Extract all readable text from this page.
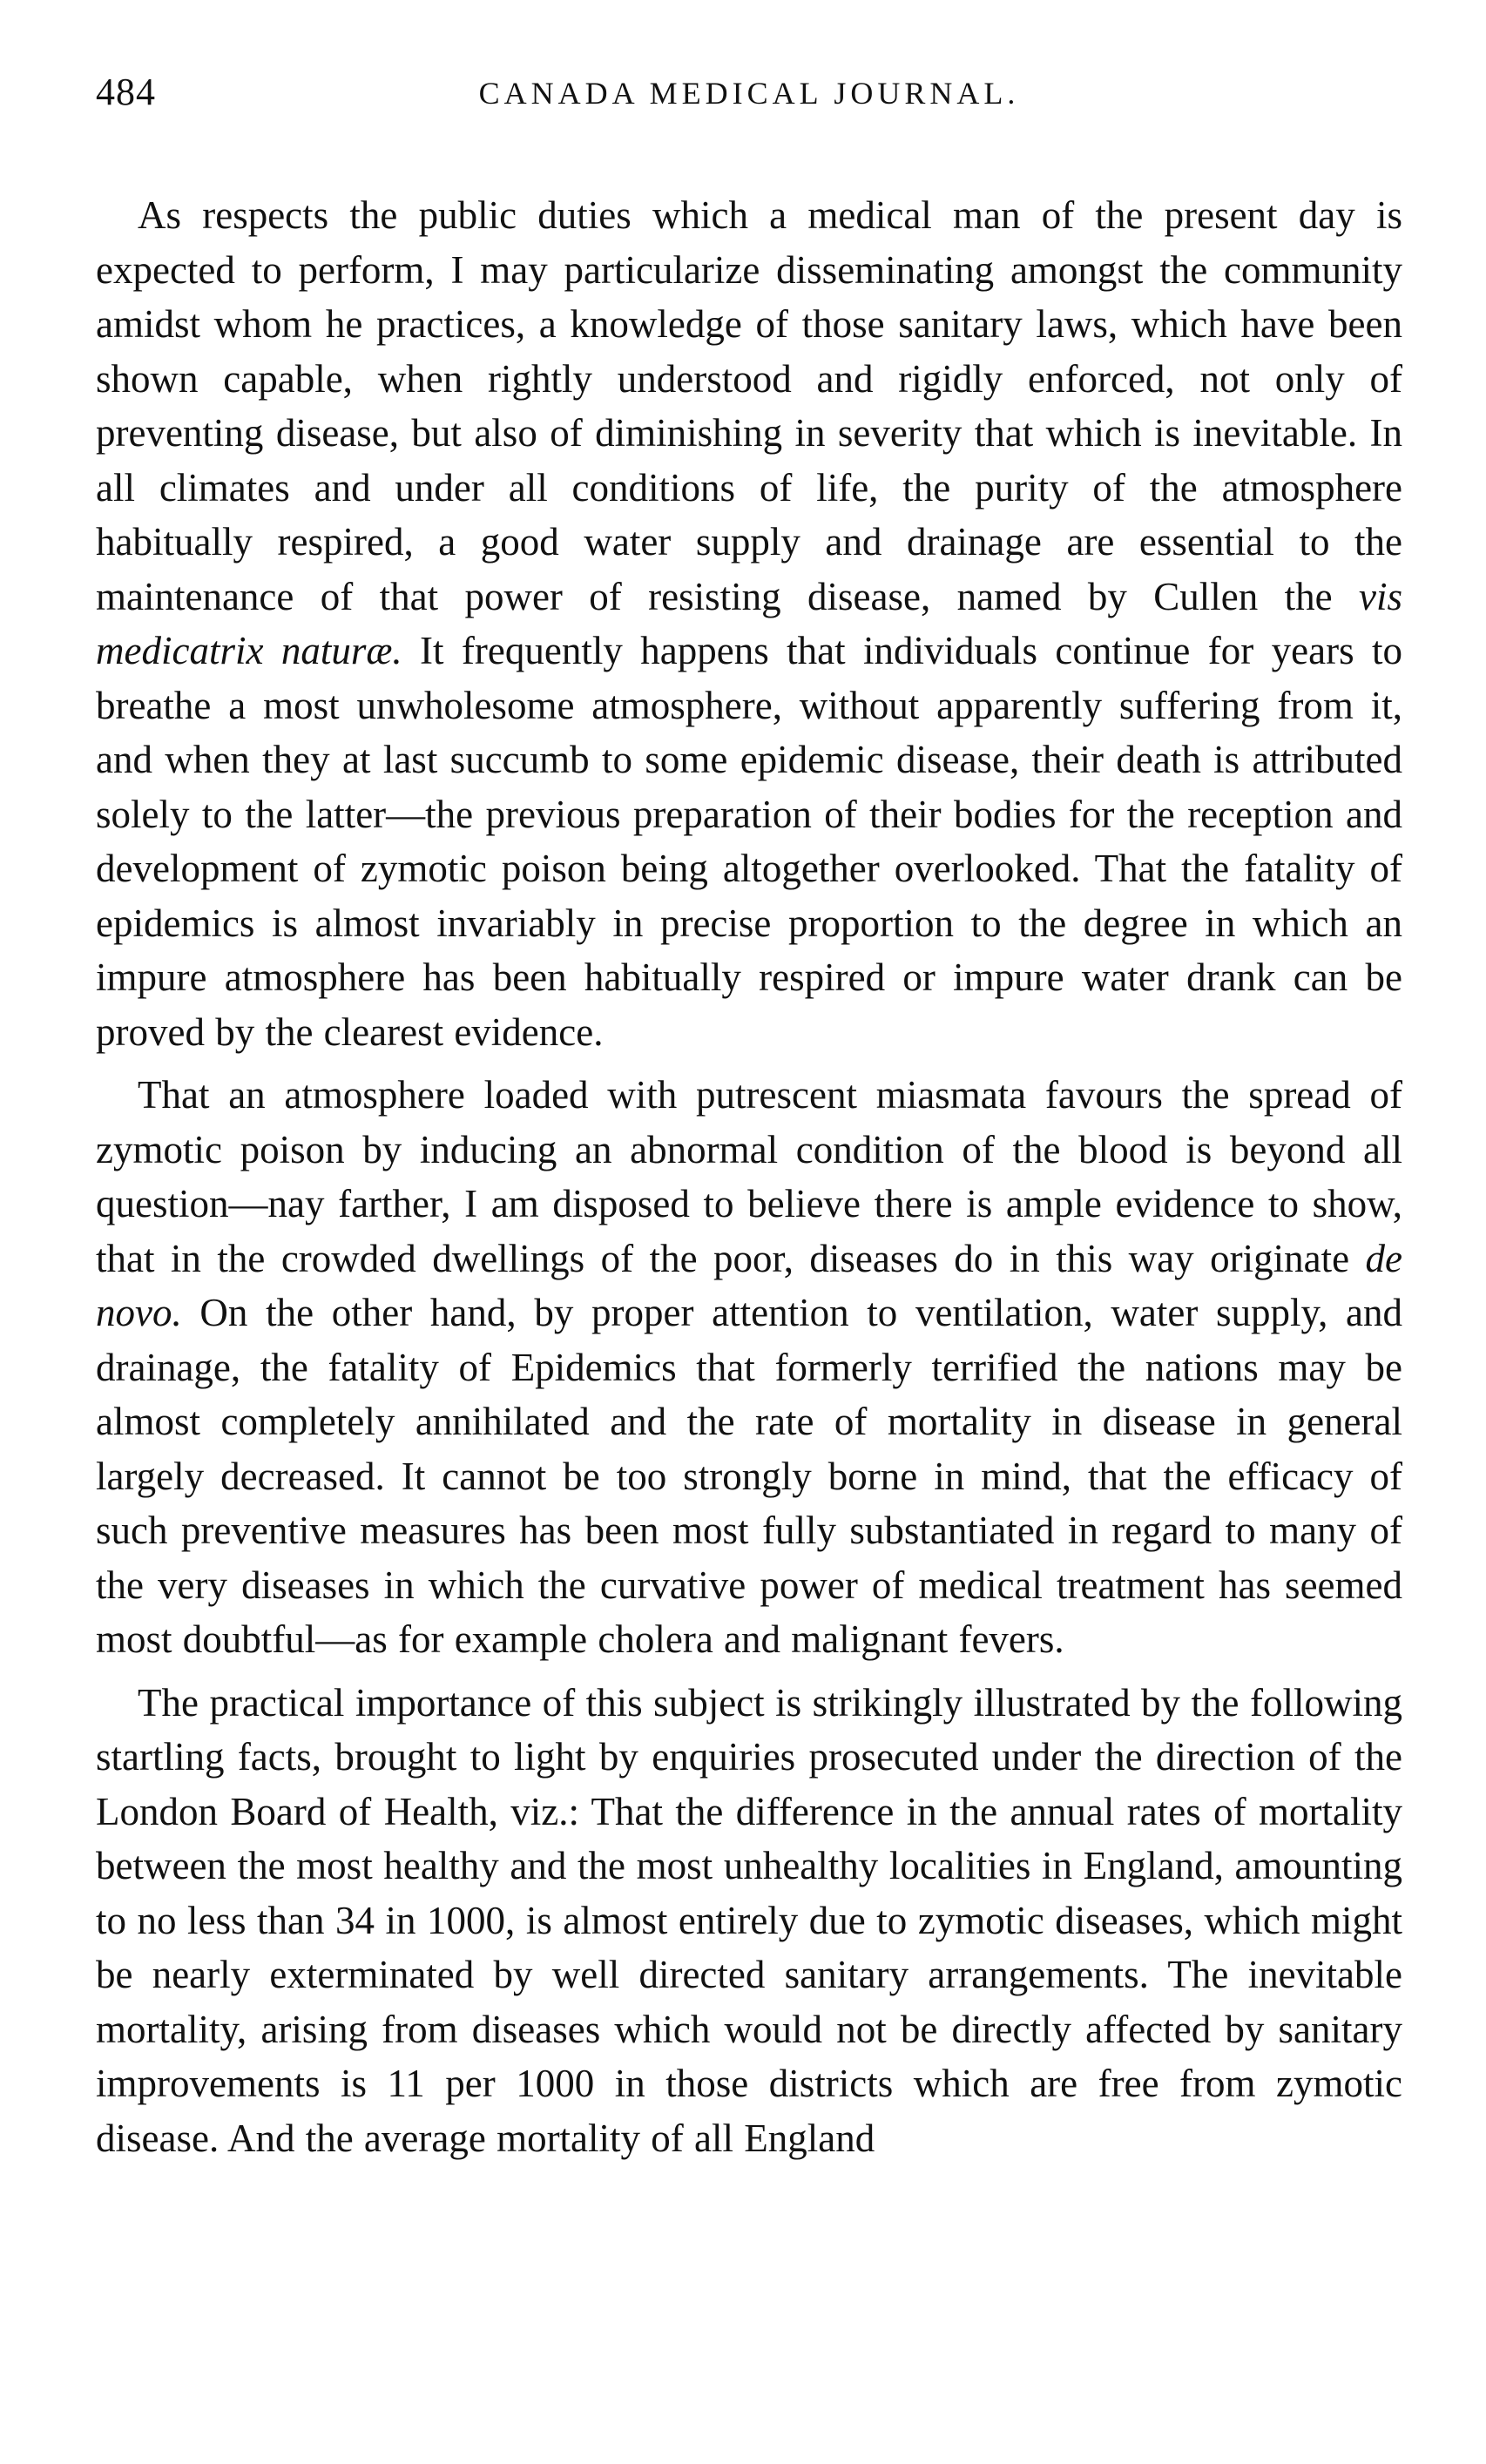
484	CANADA MEDICAL JOURNAL.

As respects the public duties which a medical man of the present day is expected to perform, I may particularize disseminating amongst the community amidst whom he practices, a knowledge of those sanitary laws, which have been shown capable, when rightly understood and rigidly enforced, not only of preventing disease, but also of diminishing in severity that which is inevitable. In all climates and under all conditions of life, the purity of the atmosphere habitually respired, a good water supply and drainage are essential to the maintenance of that power of resisting disease, named by Cullen the vis medicatrix naturæ. It frequently happens that individuals continue for years to breathe a most unwholesome atmosphere, without apparently suffering from it, and when they at last succumb to some epidemic disease, their death is attributed solely to the latter—the previous preparation of their bodies for the reception and development of zymotic poison being altogether overlooked. That the fatality of epidemics is almost invariably in precise proportion to the degree in which an impure atmosphere has been habitually respired or impure water drank can be proved by the clearest evidence.

That an atmosphere loaded with putrescent miasmata favours the spread of zymotic poison by inducing an abnormal condition of the blood is beyond all question—nay farther, I am disposed to believe there is ample evidence to show, that in the crowded dwellings of the poor, diseases do in this way originate de novo. On the other hand, by proper attention to ventilation, water supply, and drainage, the fatality of Epidemics that formerly terrified the nations may be almost completely annihilated and the rate of mortality in disease in general largely decreased. It cannot be too strongly borne in mind, that the efficacy of such preventive measures has been most fully substantiated in regard to many of the very diseases in which the curvative power of medical treatment has seemed most doubtful—as for example cholera and malignant fevers.

The practical importance of this subject is strikingly illustrated by the following startling facts, brought to light by enquiries prosecuted under the direction of the London Board of Health, viz.: That the difference in the annual rates of mortality between the most healthy and the most unhealthy localities in England, amounting to no less than 34 in 1000, is almost entirely due to zymotic diseases, which might be nearly exterminated by well directed sanitary arrangements. The inevitable mortality, arising from diseases which would not be directly affected by sanitary improvements is 11 per 1000 in those districts which are free from zymotic disease. And the average mortality of all England
